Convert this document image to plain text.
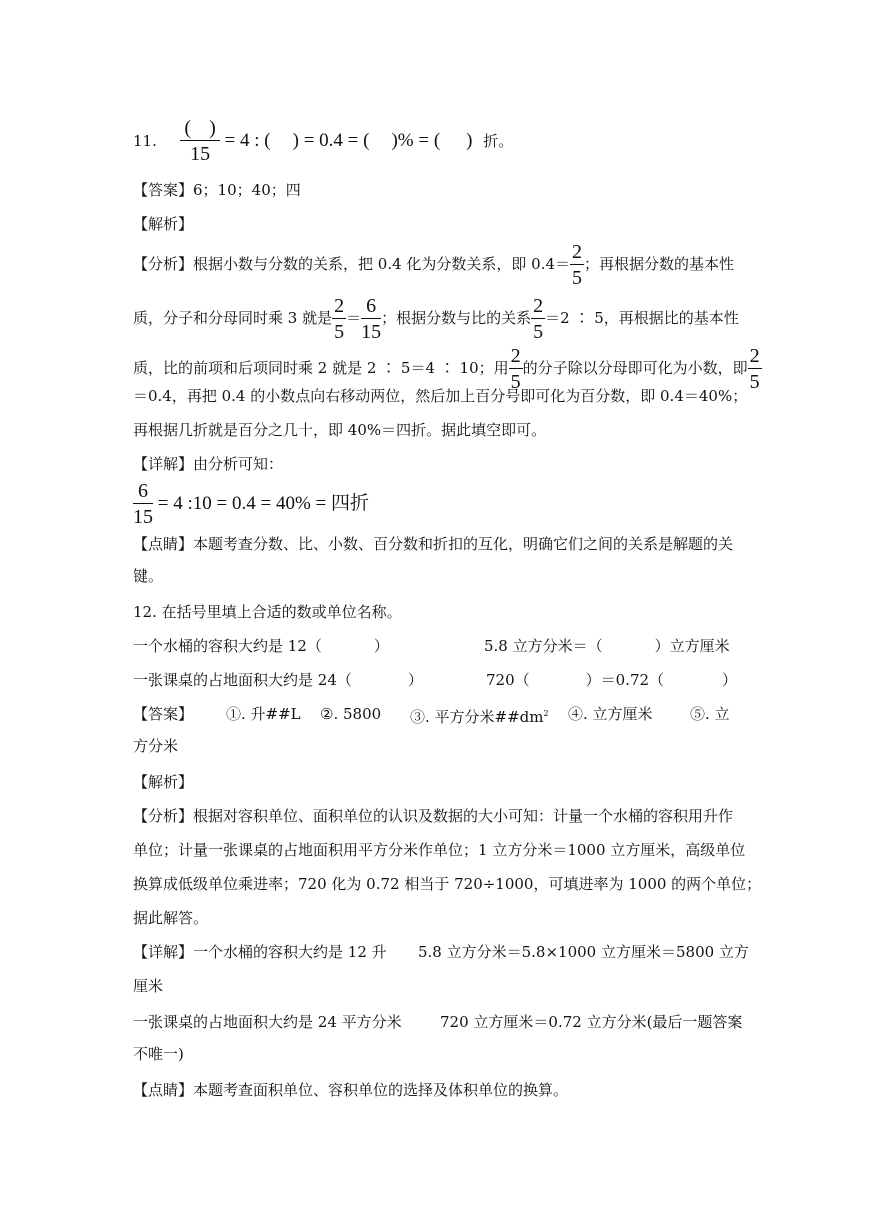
11. $\frac{( )}{15} = 4$ : ( ) = 0.4 = ( )% = ( ) 折。
【答案】6；10；40；四
【解析】
【分析】根据小数与分数的关系，把 0.4 化为分数关系，即 $0.4= \frac{2}{5}$ ；再根据分数的基本性
质，分子和分母同时乘 3 就是 $\frac{2}{5} = \frac{6}{15}$ ；根据分数与比的关系 $\frac{2}{5} =2$ ∶ 5，再根据比的基本性
质，比的前项和后项同时乘 2 就是 2 ∶ 5＝4 ∶ 10；用 $\frac{2}{5}$ 的分子除以分母即可化为小数，即 $\frac{2}{5}$
＝0.4，再把 0.4 的小数点向右移动两位，然后加上百分号即可化为百分数，即 0.4＝40%；
再根据几折就是百分之几十，即 40%＝四折。据此填空即可。
【详解】由分析可知：
$\frac{6}{15} = 4$ :10 = 0.4 = 40% = 四折
【点睛】本题考查分数、比、小数、百分数和折扣的互化，明确它们之间的关系是解题的关
键。
12. 在括号里填上合适的数或单位名称。
一个水桶的容积大约是 12（	）	5.8 立方分米＝（	）立方厘米
一张课桌的占地面积大约是 24（	）	720（	）＝0.72（	）
【答案】 ①. 升##L ②. 5800 ③. 平方分米$\#\#dm^2$ ④. 立方厘米 ⑤. 立
方分米
【解析】
【分析】根据对容积单位、面积单位的认识及数据的大小可知：计量一个水桶的容积用升作
单位；计量一张课桌的占地面积用平方分米作单位；1 立方分米＝1000 立方厘米，高级单位
换算成低级单位乘进率；720 化为 0.72 相当于 720÷1000，可填进率为 1000 的两个单位；
据此解答。
【详解】一个水桶的容积大约是 12 升 5.8 立方分米＝5.8×1000 立方厘米＝5800 立方
厘米
一张课桌的占地面积大约是 24 平方分米	720 立方厘米＝0.72 立方分米(最后一题答案
不唯一)
【点睛】本题考查面积单位、容积单位的选择及体积单位的换算。
